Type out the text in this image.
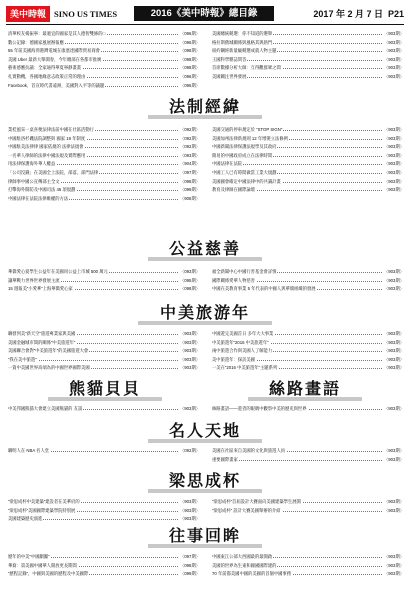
美中時報 SINO US TIMES	2016《美中時報》總目錄	2017 年 2 月 7 日 P21
清華校友楊振寧：最適宜的國家是其人德智雙修的□	〈096期〉
數公記錄：德國家風展辦報應	〈096期〉
55 年前美國海湾港灣電城在康塞達國際貿易商會	〈098期〉
美國 Uber 最新大舉開春，今年總部在各都市推廣	〈098期〉
藝術感應抗議：全家通得華夏寧靜畫畫	〈098期〉
扎實動機，各國地緣意志政策正常的理由	〈096期〉
Facebook，首宣時代書遠洲，美國對入平等的議題	〈096期〉
美國總統競選：你不知道的選舉	〈903期〉
格拉斯舊城關係與風格其與熱門	〈903期〉
紐約鋼經新量級競選成就人物主題	〈903期〉
王國科學雜誌問答	〈903期〉
首席數據分析大師：互得觀群眾之間	〈903期〉
美國關注世界發展	〈903期〉
法制經緯
業桂風采一桌喜便法律法前中國在社區活動行	〈092期〉
中國駐洛杉磯法院調整與 國家 19 年制度	〈092期〉
中國駐美法律律 國家依規的 法律法規會	〈092期〉
一名華人律師的法律中國法規及實際應用	〈093期〉
用法律保護海外華人權益	〈904期〉
「公司沒錢」在美國全上法院，部落，部門法律	〈097期〉
律師事中國公宣傳部主全文	〈098期〉
打擊海外開防及中國司法 45 項規劃	〈099期〉
中國法律在法院法律維權的方法	〈908期〉
美國交通的停車規定於 “STOP SIGN”	〈903期〉
美國加州法律新規則 12 年增變立法修例	〈903期〉
中國新聞法律保護法規學及其政府	〈903期〉
簡易的中國政府成立在法律時間	〈903期〉
中國法律在法院	〈903期〉
中國工人已有時間做當工業大規劃	〈903期〉
美國國會確定中國法律中的共識計畫	〈903期〉
教育及律師在國際論壇	〈903期〉
公益慈善
華僑愛心爱學生公益年在美國同公益上市城 500 萬元	〈093期〉
讓華戰力世界世界發展主流	〈095期〉
15 週報美“小愛華”上海華僑愛心家	〈098期〉
福全新聞中心中國行善基金會詳情	〈903期〉
國際關係愛華人物慈善	〈903期〉
中國在美教育事業 5 年代表的中國人與華僑組織的發展	〈903期〉
中美旅游年
聯發到美“新天空”旅遊專業家與美國	〈903期〉
美國金融城市間的關係“中美旅遊年”	〈903期〉
美國聯合會對“中美旅遊年”的美國旅遊大會	〈903期〉
“我在美中旅遊”	〈903期〉
一資中美國世界高端為的中國世界國際美國	〈903期〉
中國遊完美國首日 多年大大事業	〈903期〉
中美旅遊年“2016 中美旅遊年”	〈903期〉
兩中旅遊合作與美國人了解能力	〈903期〉
美中旅遊年：探訪美國	〈903期〉
一美在“2016 中美旅遊年”主題系列	〈903期〉
熊貓貝貝	絲路畫語
中美邦國熊貓大會建立美國熊貓的 友誼	〈903期〉	絲路畫語——遊者的眼睛中觀察中美的歷史與世界	〈903期〉
名人天地
聯明人在 NBA 名人堂	〈092期〉	美國在社區來自美國的文化與旅遊人員	〈903期〉
重要國際畫家	〈903期〉
梁思成杯
“梁思成杯中美建築”建設者在美華府的	〈903期〉
“梁思成杯”美國國際建築學院特別展	〈903期〉
美國建築歷史演進	〈903期〉
“梁思成杯”首屆設計大賽面向美國建築學生展開	〈903期〉
“梁思成杯” 設計大賽美國舉辦的介紹	〈903期〉
往事回眸
歷年的中美“中國劇團”	〈097期〉
華裔：第美國中國華人開放更長期間	〈098期〉
“歷程記錄”，中國與美國的歷程及中美國際	〈099期〉
中國東江公部大西國最的最開啟	〈903期〉
美國的世界為生東和國國國際建的	〈903期〉
70 年前都美國中國的美國的首個中國事務	〈903期〉
